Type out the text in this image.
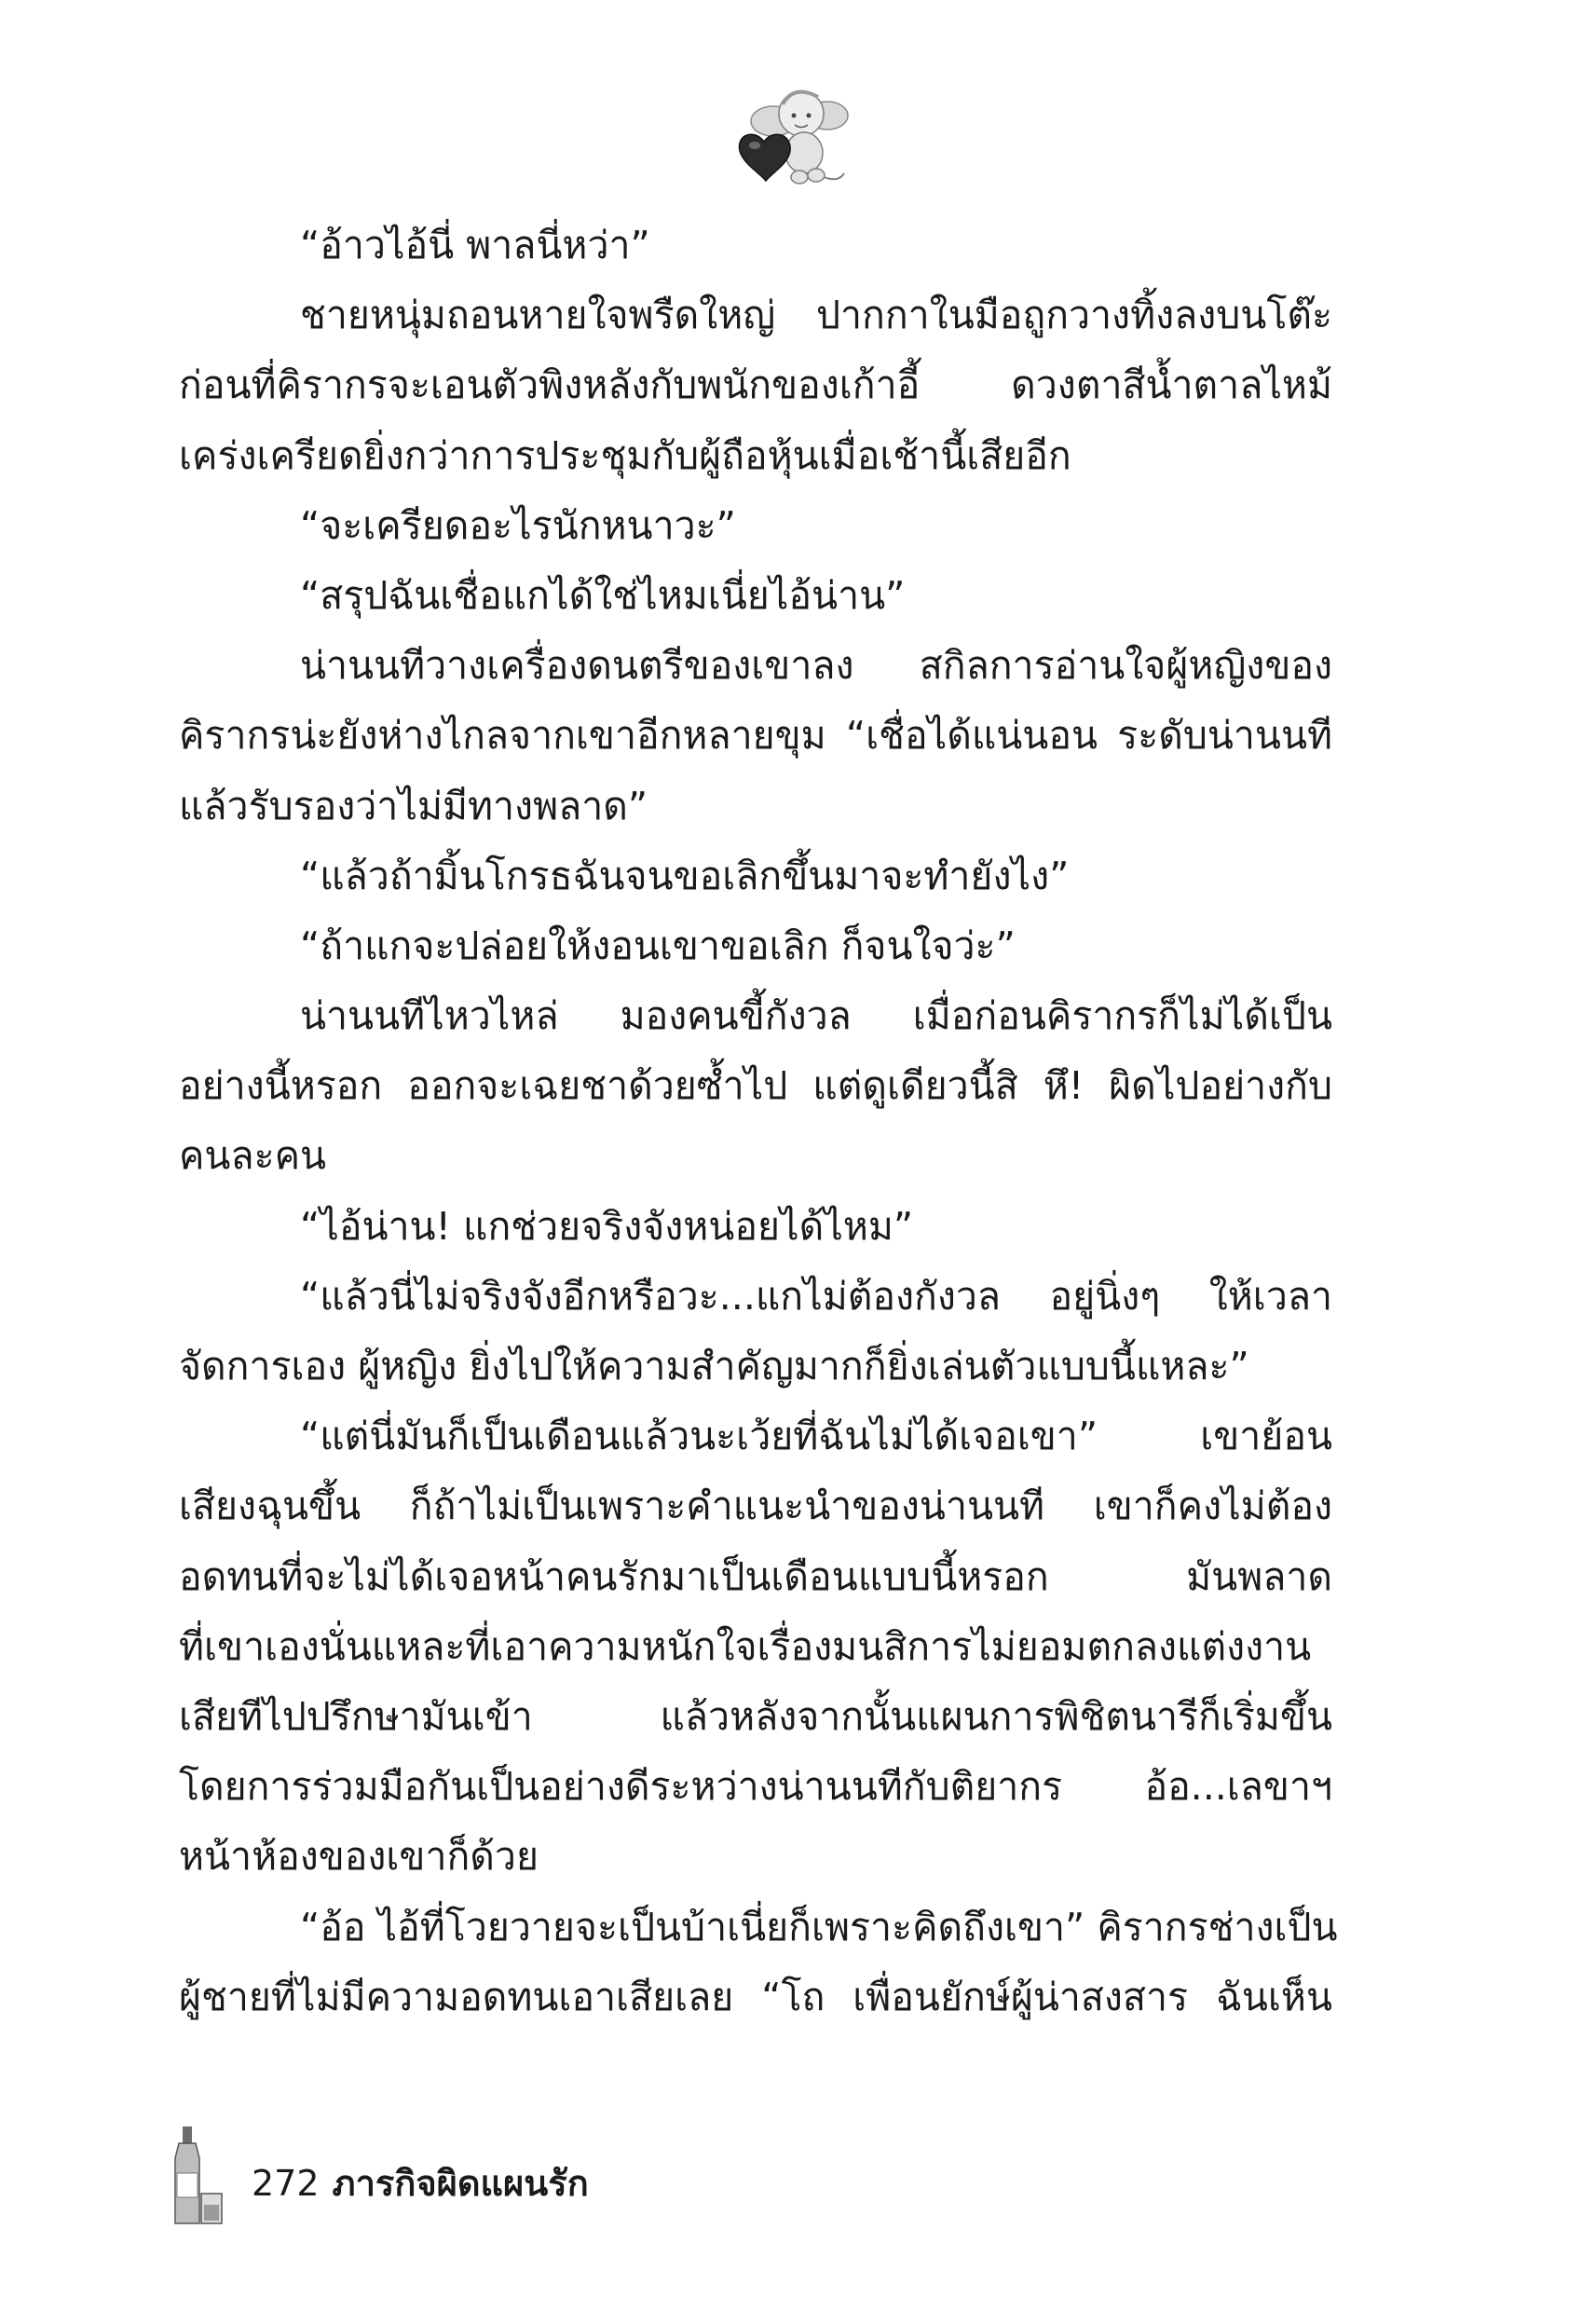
“อ้าวไอ้นี่ พาลนี่หว่า”
ชายหนุ่มถอนหายใจพรืดใหญ่ ปากกาในมือถูกวางทิ้งลงบนโต๊ะ
ก่อนที่คิรากรจะเอนตัวพิงหลังกับพนักของเก้าอี้ ดวงตาสีน้ำตาลไหม้
เคร่งเครียดยิ่งกว่าการประชุมกับผู้ถือหุ้นเมื่อเช้านี้เสียอีก
“จะเครียดอะไรนักหนาวะ”
“สรุปฉันเชื่อแกได้ใช่ไหมเนี่ยไอ้น่าน”
น่านนทีวางเครื่องดนตรีของเขาลง สกิลการอ่านใจผู้หญิงของ
คิรากรน่ะยังห่างไกลจากเขาอีกหลายขุม “เชื่อได้แน่นอน ระดับน่านนที
แล้วรับรองว่าไม่มีทางพลาด”
“แล้วถ้ามิ้นโกรธฉันจนขอเลิกขึ้นมาจะทำยังไง”
“ถ้าแกจะปล่อยให้งอนเขาขอเลิก ก็จนใจว่ะ”
น่านนทีไหวไหล่ มองคนขี้กังวล เมื่อก่อนคิรากรก็ไม่ได้เป็น
อย่างนี้หรอก ออกจะเฉยชาด้วยซ้ำไป แต่ดูเดียวนี้สิ หึ! ผิดไปอย่างกับ
คนละคน
“ไอ้น่าน! แกช่วยจริงจังหน่อยได้ไหม”
“แล้วนี่ไม่จริงจังอีกหรือวะ...แกไม่ต้องกังวล อยู่นิ่งๆ ให้เวลา
จัดการเอง ผู้หญิง ยิ่งไปให้ความสำคัญมากก็ยิ่งเล่นตัวแบบนี้แหละ”
“แต่นี่มันก็เป็นเดือนแล้วนะเว้ยที่ฉันไม่ได้เจอเขา” เขาย้อน
เสียงฉุนขึ้น ก็ถ้าไม่เป็นเพราะคำแนะนำของน่านนที เขาก็คงไม่ต้อง
อดทนที่จะไม่ได้เจอหน้าคนรักมาเป็นเดือนแบบนี้หรอก มันพลาด
ที่เขาเองนั่นแหละที่เอาความหนักใจเรื่องมนสิการไม่ยอมตกลงแต่งงาน
เสียทีไปปรึกษามันเข้า แล้วหลังจากนั้นแผนการพิชิตนารีก็เริ่มขึ้น
โดยการร่วมมือกันเป็นอย่างดีระหว่างน่านนทีกับติยากร อ้อ...เลขาฯ
หน้าห้องของเขาก็ด้วย
“อ้อ ไอ้ที่โวยวายจะเป็นบ้าเนี่ยก็เพราะคิดถึงเขา” คิรากรช่างเป็น
ผู้ชายที่ไม่มีความอดทนเอาเสียเลย “โถ เพื่อนยักษ์ผู้น่าสงสาร ฉันเห็น
272 ภารกิจผิดแผนรัก
